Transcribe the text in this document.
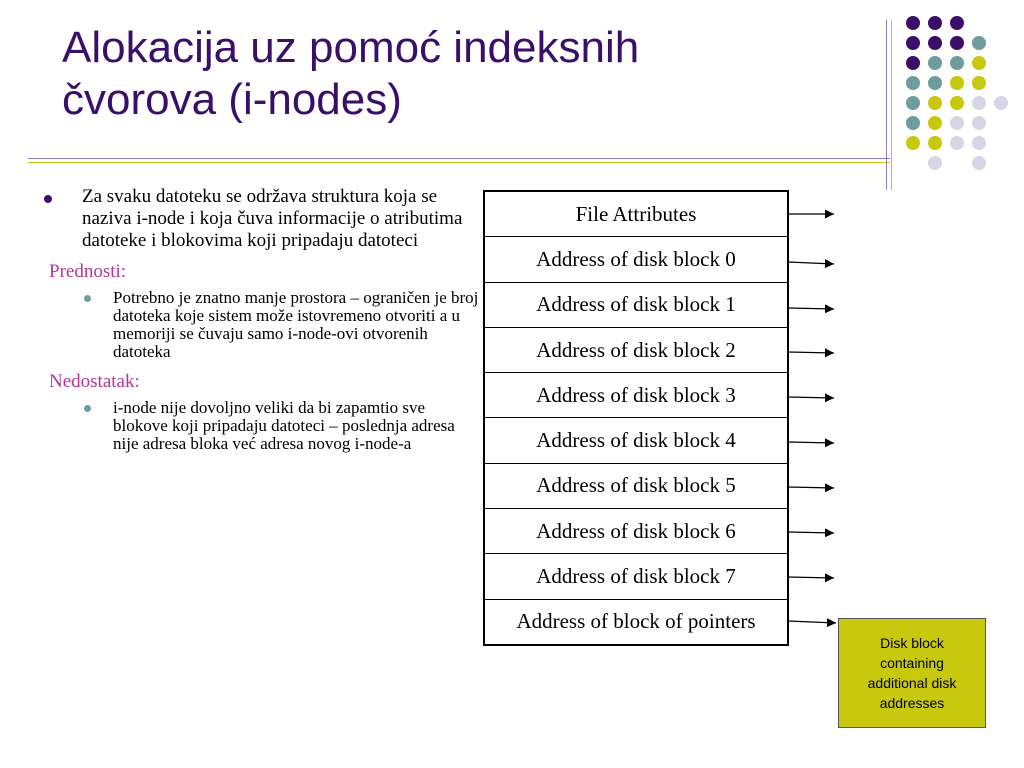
Alokacija uz pomoć indeksnih
čvorova (i-nodes)
Za svaku datoteku se održava struktura koja se naziva i-node i koja čuva informacije o atributima datoteke i blokovima koji pripadaju datoteci
Prednosti:
Potrebno je znatno manje prostora – ograničen je broj datoteka koje sistem može istovremeno otvoriti a u memoriji se čuvaju samo i-node-ovi otvorenih datoteka
Nedostatak:
i-node nije dovoljno veliki da bi zapamtio sve blokove koji pripadaju datoteci – poslednja adresa nije adresa bloka već adresa novog i-node-a
File Attributes
Address of disk block 0
Address of disk block 1
Address of disk block 2
Address of disk block 3
Address of disk block 4
Address of disk block 5
Address of disk block 6
Address of disk block 7
Address of block of pointers
Disk block containing additional disk addresses
